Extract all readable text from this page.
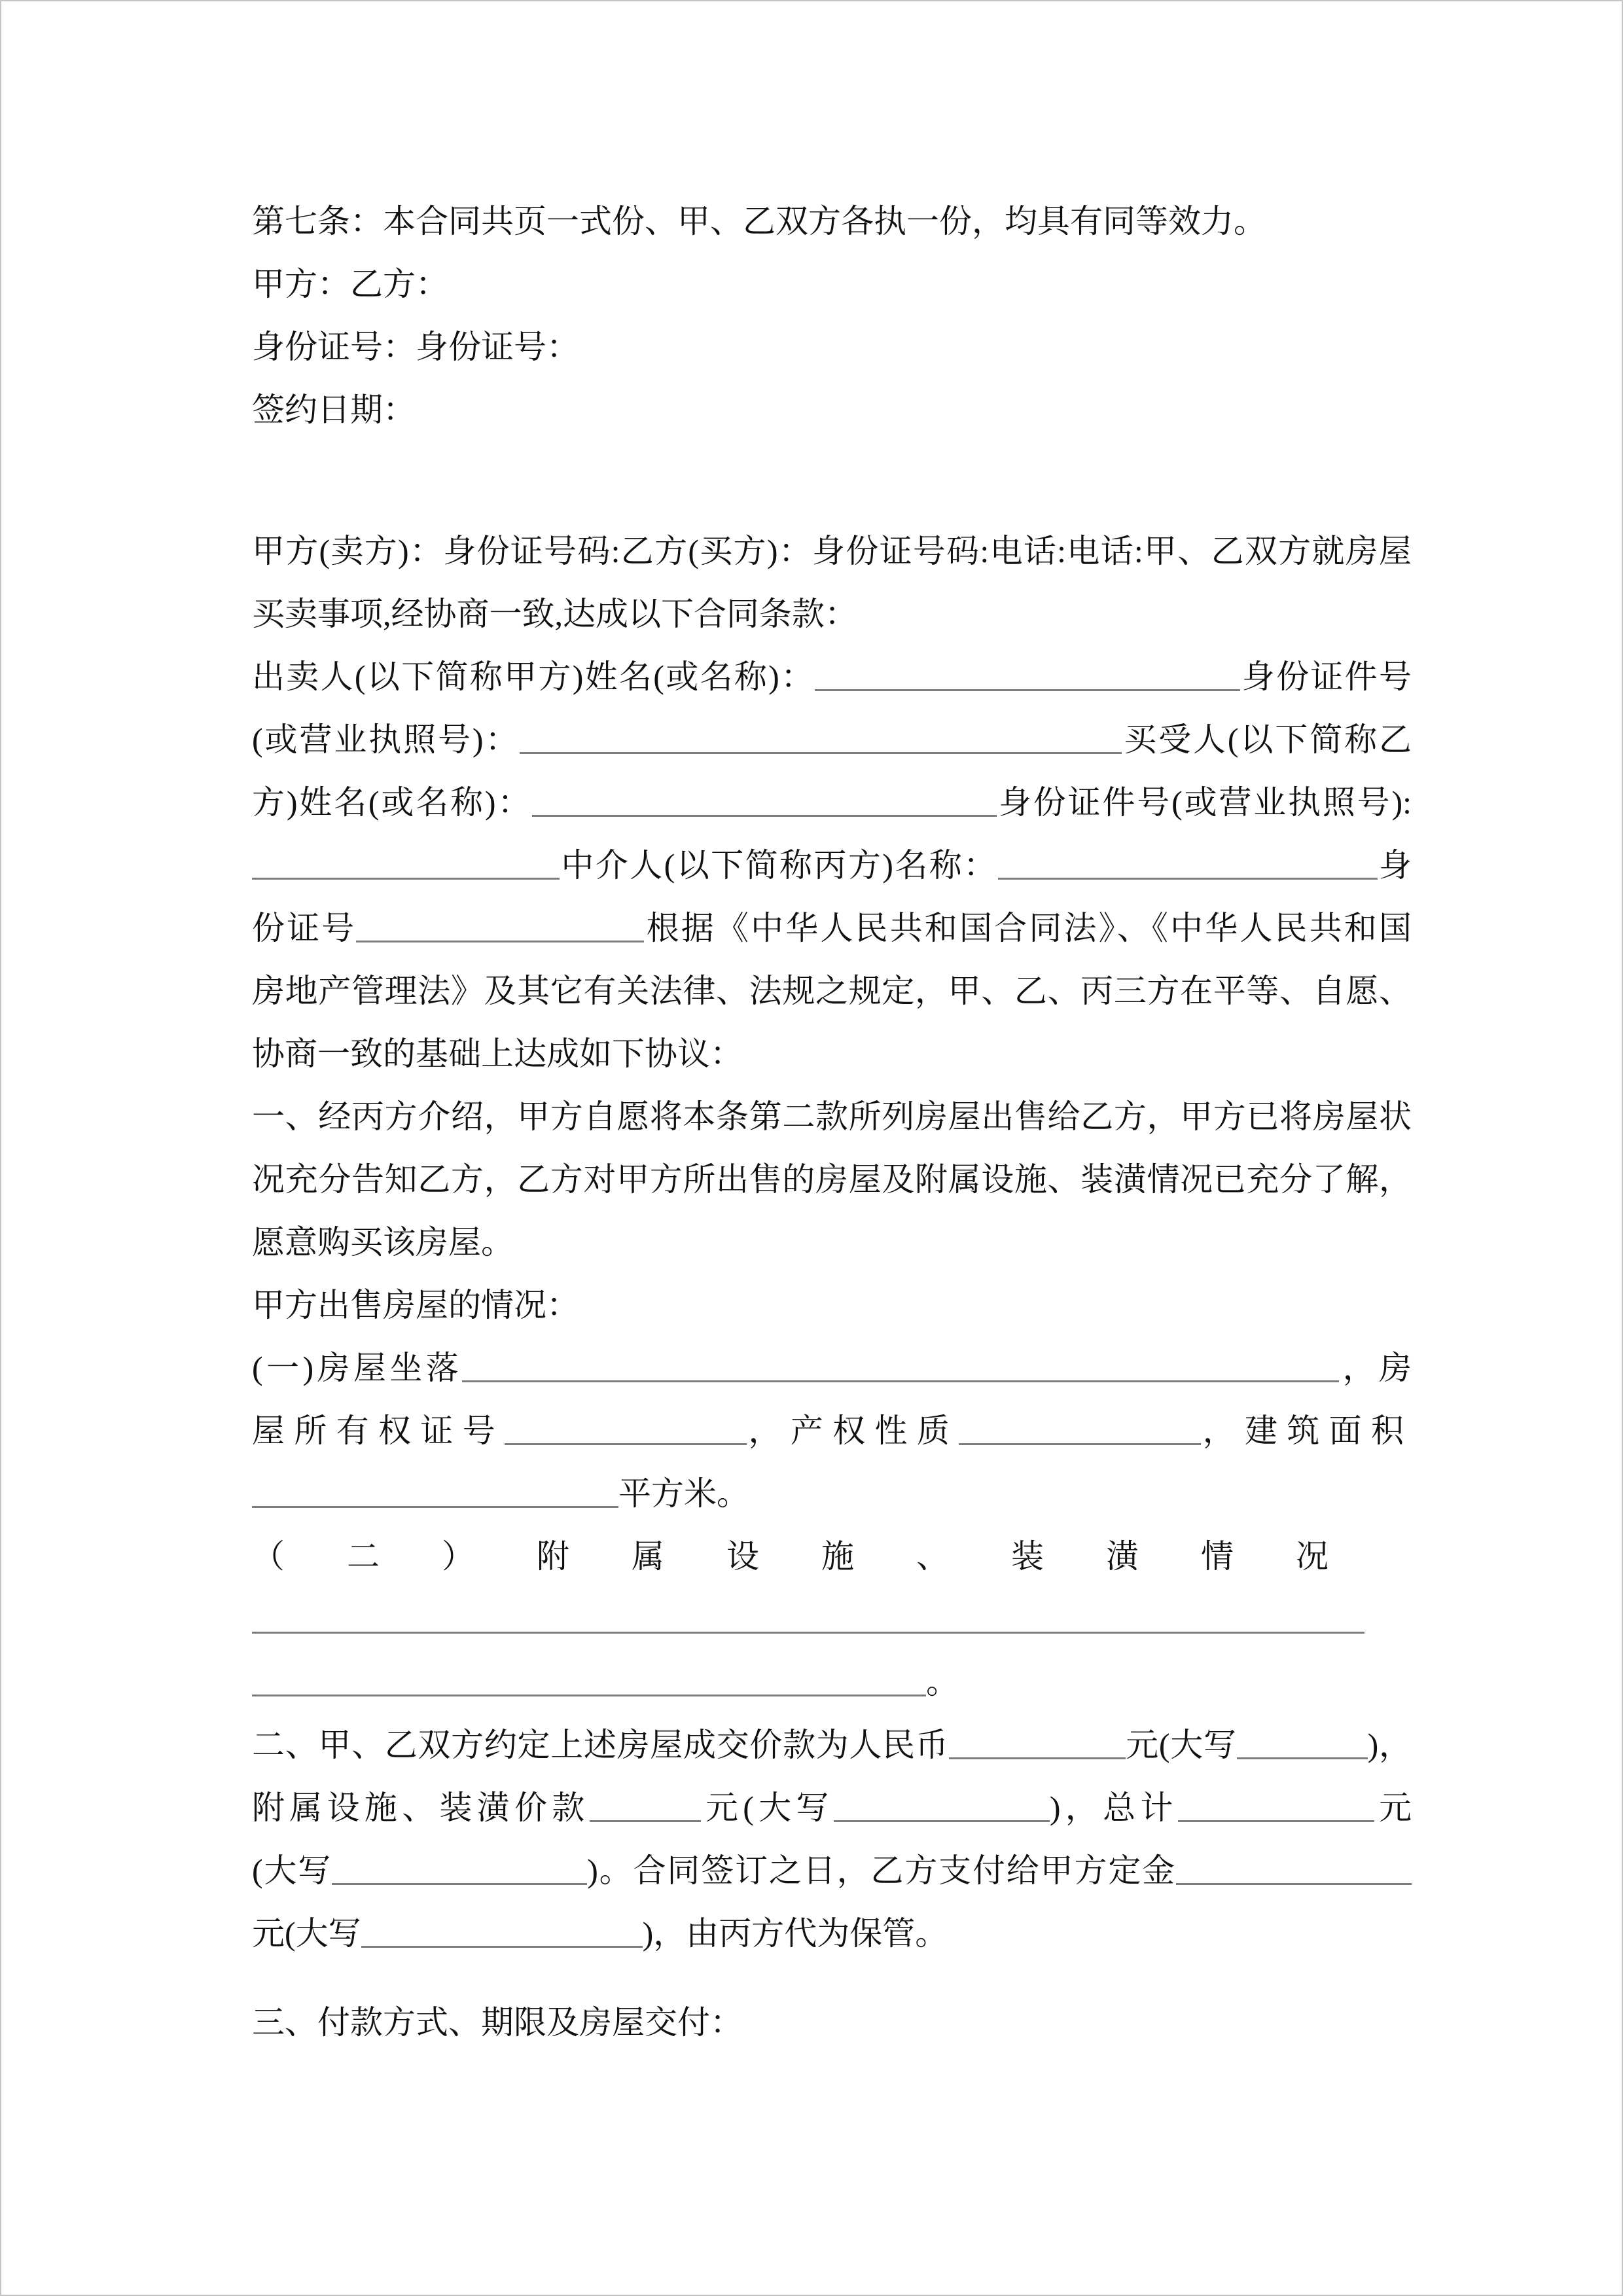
第七条：本合同共页一式份、甲、乙双方各执一份，均具有同等效力。

甲方：乙方：

身份证号：身份证号：

签约日期：

甲方(卖方)：身份证号码:乙方(买方)：身份证号码:电话:电话:甲、乙双方就房屋

买卖事项,经协商一致,达成以下合同条款：

出卖人(以下简称甲方)姓名(或名称)：	身份证件号

(或营业执照号)：	买受人(以下简称乙

方)姓名(或名称)：	身份证件号(或营业执照号):

中介人(以下简称丙方)名称：	身

份证号	根据《中华人民共和国合同法》、《中华人民共和国

房地产管理法》及其它有关法律、法规之规定，甲、乙、丙三方在平等、自愿、

协商一致的基础上达成如下协议：

一、经丙方介绍，甲方自愿将本条第二款所列房屋出售给乙方，甲方已将房屋状

况充分告知乙方，乙方对甲方所出售的房屋及附属设施、装潢情况已充分了解，

愿意购买该房屋。

甲方出售房屋的情况：

(一)房屋坐落	，房

屋所有权证号	，产权性质	，建筑面积

平方米。

（二）附属设施、装潢情况

。

二、甲、乙双方约定上述房屋成交价款为人民币	元(大写	)，

附属设施、装潢价款	元(大写	)，总计	元

(大写	)。合同签订之日，乙方支付给甲方定金

元(大写	)，由丙方代为保管。

三、付款方式、期限及房屋交付：
